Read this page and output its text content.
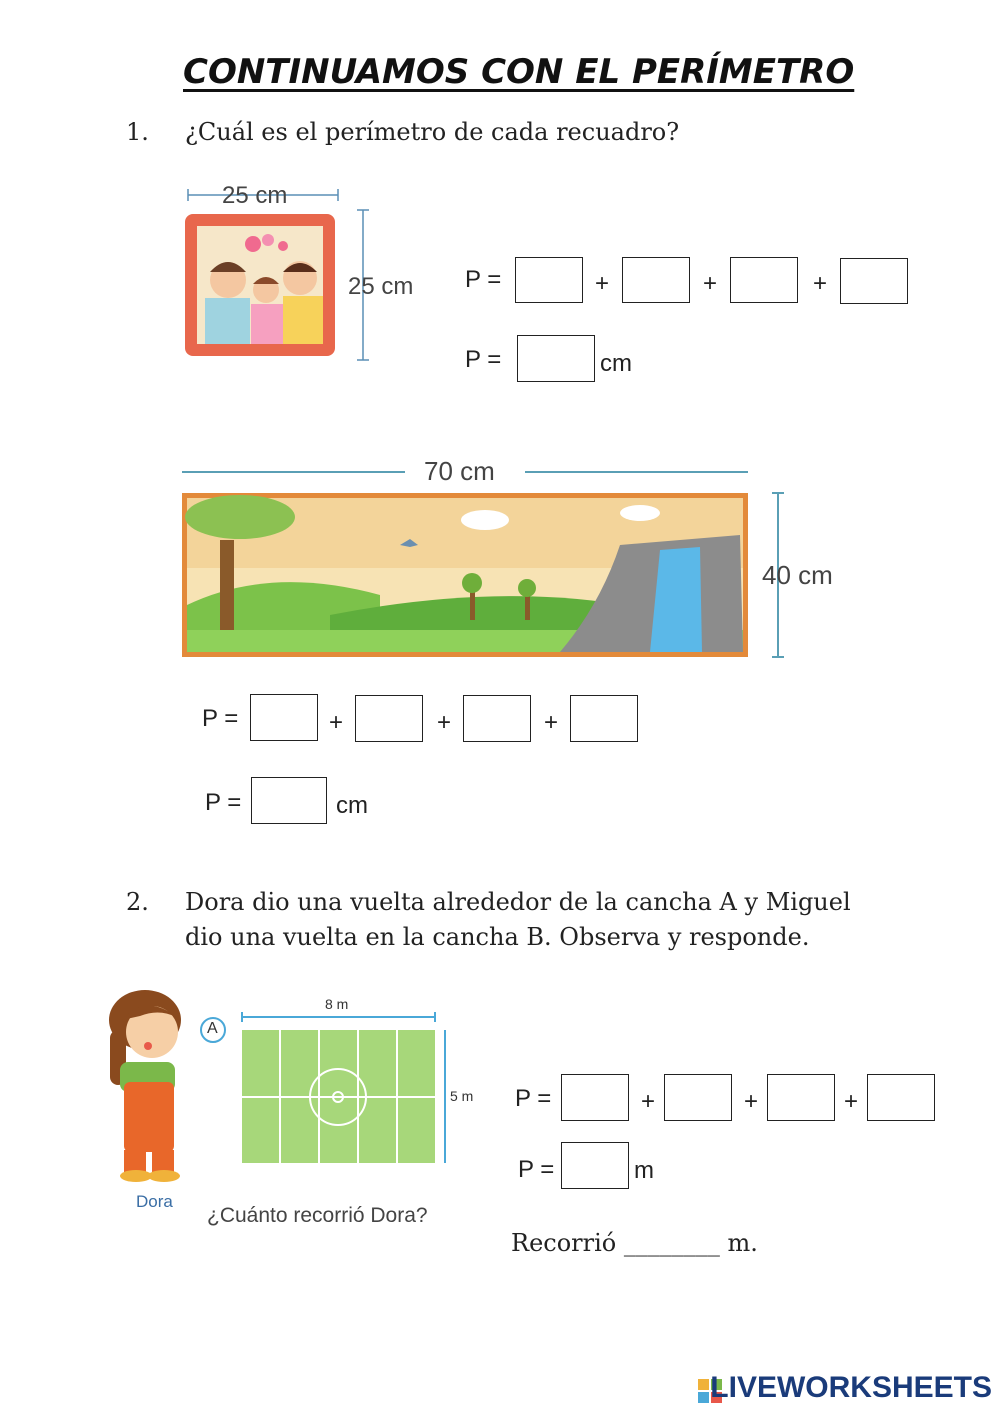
CONTINUAMOS CON EL PERÍMETRO
1. ¿Cuál es el perímetro de cada recuadro?
25 cm
25 cm P =	+	+	+
P =	cm
70 cm
40 cm
P =	+	+	+
P =	cm
2. Dora dio una vuelta alrededor de la cancha A y Miguel
dio una vuelta en la cancha B. Observa y responde.
Dora
A
8 m
5 m
¿Cuánto recorrió Dora?
P =	+	+	+
P =	m
Recorrió ________ m.
LIVEWORKSHEETS
